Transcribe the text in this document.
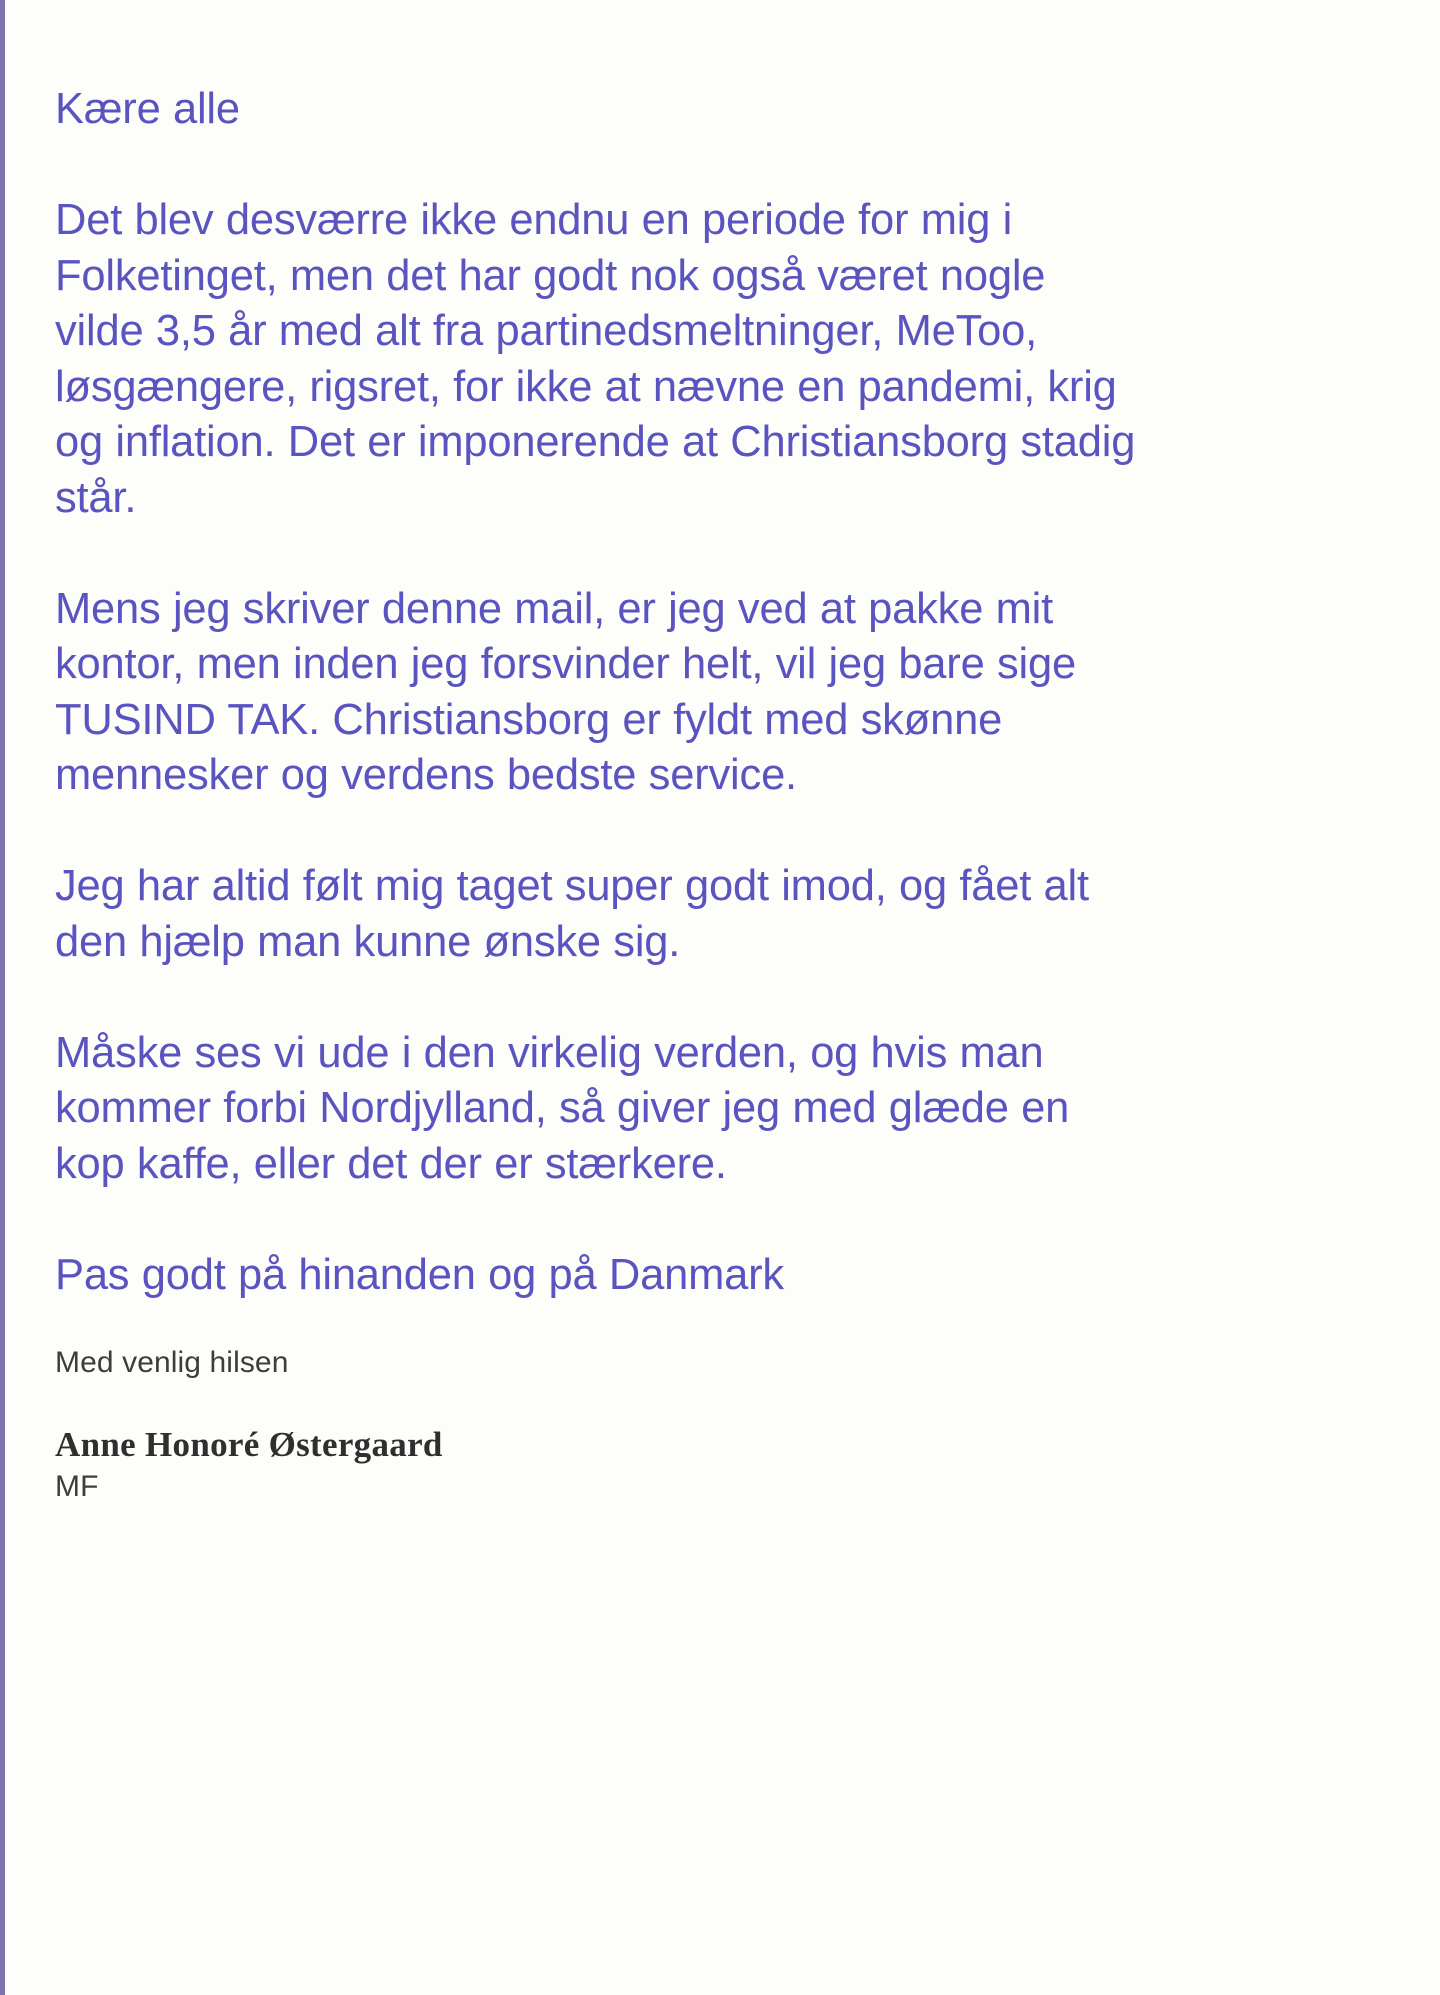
Kære alle

Det blev desværre ikke endnu en periode for mig i Folketinget, men det har godt nok også været nogle vilde 3,5 år med alt fra partinedsmeltninger, MeToo, løsgængere, rigsret, for ikke at nævne en pandemi, krig og inflation. Det er imponerende at Christiansborg stadig står.

Mens jeg skriver denne mail, er jeg ved at pakke mit kontor, men inden jeg forsvinder helt, vil jeg bare sige TUSIND TAK. Christiansborg er fyldt med skønne mennesker og verdens bedste service.

Jeg har altid følt mig taget super godt imod, og fået alt den hjælp man kunne ønske sig.

Måske ses vi ude i den virkelig verden, og hvis man kommer forbi Nordjylland, så giver jeg med glæde en kop kaffe, eller det der er stærkere.

Pas godt på hinanden og på Danmark

Med venlig hilsen

Anne Honoré Østergaard

MF
